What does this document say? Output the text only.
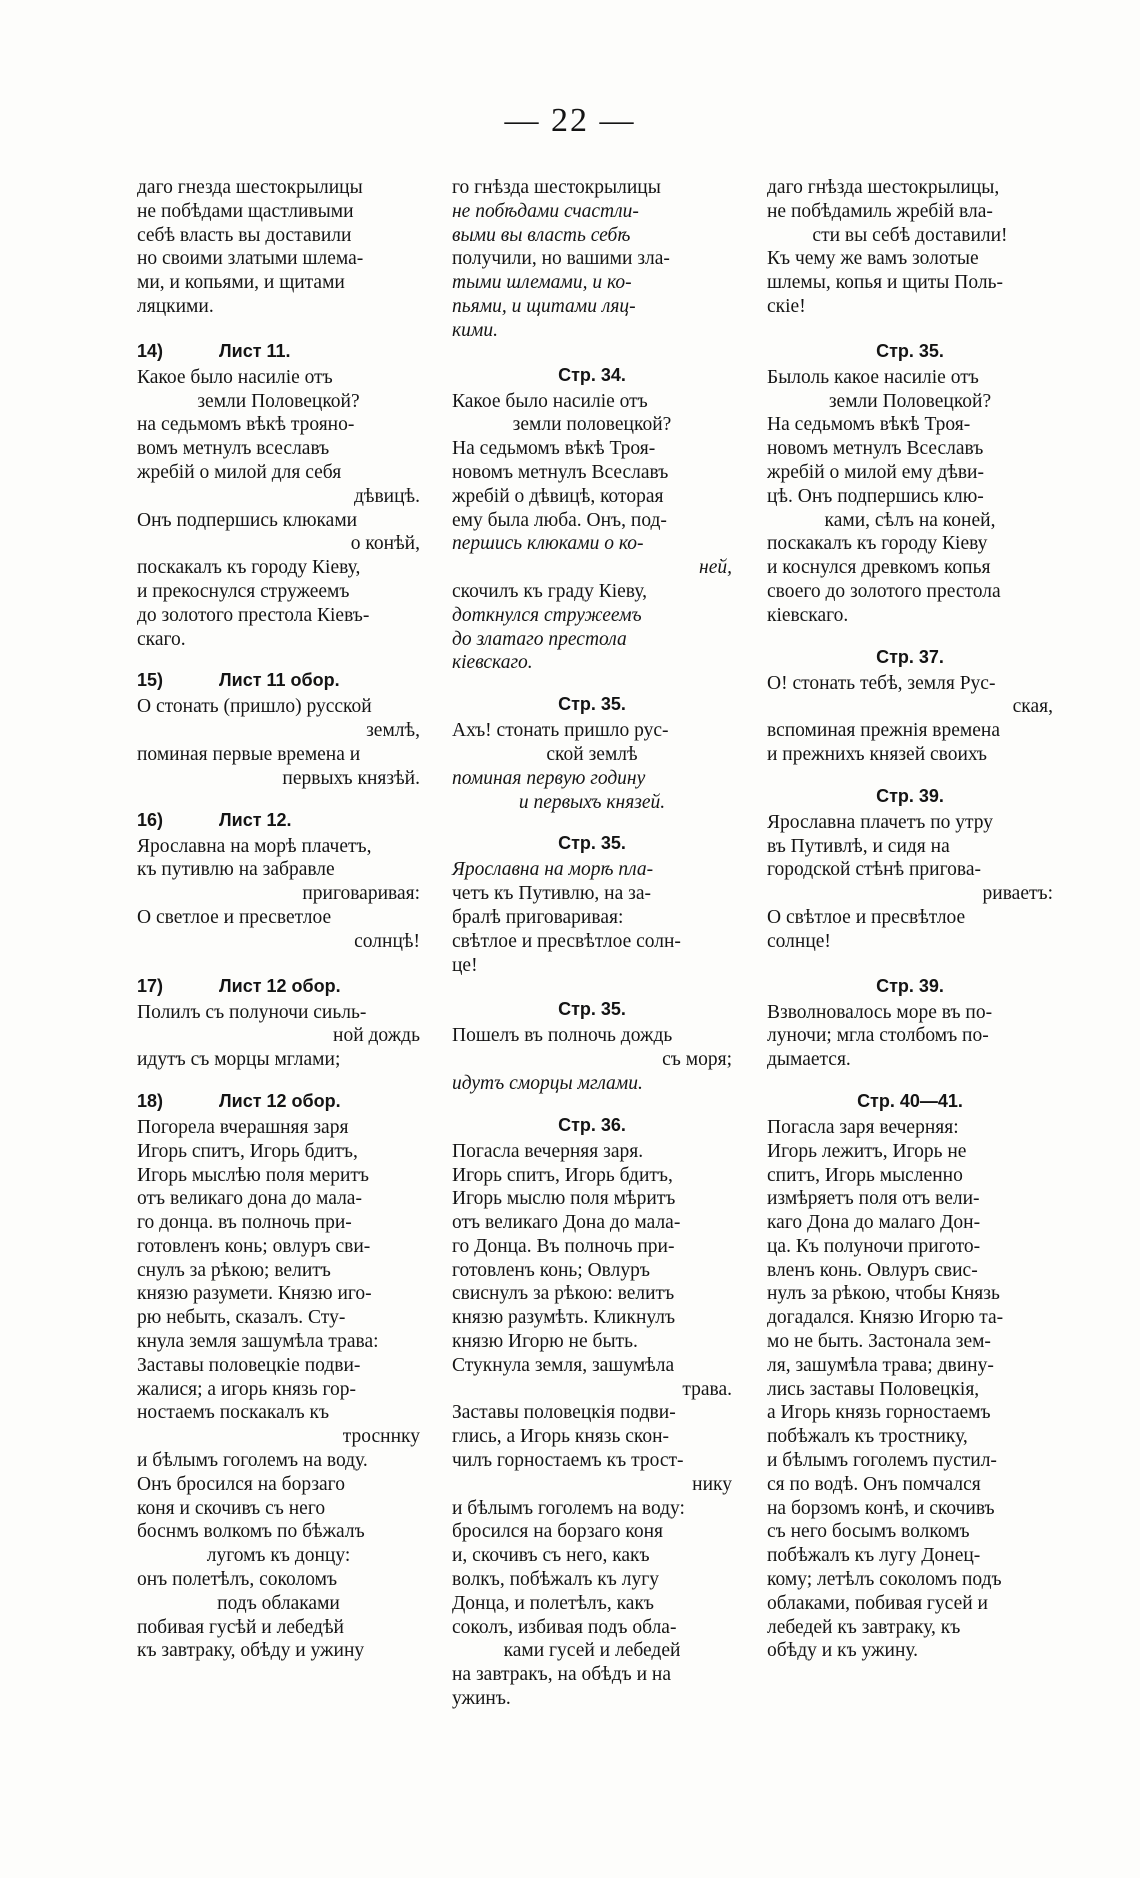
— 22 —
даго гнезда шестокрылицы
не побѣдами щастливыми
себѣ власть вы доставили
но своими златыми шлема-
ми, и копьями, и щитами
ляцкими.
14)	Лист 11.
Какое было насиліе отъ
земли Половецкой?
на седьмомъ вѣкѣ трояно-
вомъ метнулъ всеславъ
жребій о милой для себя
дѣвицѣ.
Онъ подпершись клюками
о конѣй,
поскакалъ къ городу Кіеву,
и прекоснулся стружеемъ
до золотого престола Кіевъ-
скаго.
15)	Лист 11 обор.
О стонать (пришло) русской
землѣ,
поминая первые времена и
первыхъ князѣй.
16)	Лист 12.
Ярославна на морѣ плачетъ,
къ путивлю на забравле
приговаривая:
О светлое и пресветлое
солнцѣ!
17)	Лист 12 обор.
Полилъ съ полуночи сиьль-
ной дождь
идутъ съ морцы мглами;
18)	Лист 12 обор.
Погорела вчерашняя заря
Игорь спитъ, Игорь бдитъ,
Игорь мыслѣю поля меритъ
отъ великаго дона до мала-
го донца. въ полночь при-
готовленъ конь; овлуръ сви-
снулъ за рѣкою; велитъ
князю разумети. Князю иго-
рю небыть, сказалъ. Сту-
кнула земля зашумѣла трава:
Заставы половецкіе подви-
жалися; а игорь князь гор-
ностаемъ поскакалъ къ
тросннку
и бѣлымъ гоголемъ на воду.
Онъ бросился на борзаго
коня и скочивъ съ него
боснмъ волкомъ по бѣжалъ
лугомъ къ донцу:
онъ полетѣлъ, соколомъ
подъ облаками
побивая гусѣй и лебедѣй
къ завтраку, обѣду и ужину
го гнѣзда шестокрылицы
не побѣдами счастли-
выми вы власть себѣ
получили, но вашими зла-
тыми шлемами, и ко-
пьями, и щитами ляц-
кими.
Стр. 34.
Какое было насиліе отъ
земли половецкой?
На седьмомъ вѣкѣ Троя-
новомъ метнулъ Всеславъ
жребій о дѣвицѣ, которая
ему была люба. Онъ, под-
першись клюками о ко-
ней,
скочилъ къ граду Кіеву,
доткнулся стружеемъ
до златаго престола
кіевскаго.
Стр. 35.
Ахъ! стонать пришло рус-
ской землѣ
поминая первую годину
и первыхъ князей.
Стр. 35.
Ярославна на морѣ пла-
четъ къ Путивлю, на за-
бралѣ приговаривая:
свѣтлое и пресвѣтлое солн-
це!
Стр. 35.
Пошелъ въ полночь дождь
съ моря;
идутъ сморцы мглами.
Стр. 36.
Погасла вечерняя заря.
Игорь спитъ, Игорь бдитъ,
Игорь мыслю поля мѣритъ
отъ великаго Дона до мала-
го Донца. Въ полночь при-
готовленъ конь; Овлуръ
свиснулъ за рѣкою: велитъ
князю разумѣть. Кликнулъ
князю Игорю не быть.
Стукнула земля, зашумѣла
трава.
Заставы половецкія подви-
глись, а Игорь князь скон-
чилъ горностаемъ къ трост-
нику
и бѣлымъ гоголемъ на воду:
бросился на борзаго коня
и, скочивъ съ него, какъ
волкъ, побѣжалъ къ лугу
Донца, и полетѣлъ, какъ
соколъ, избивая подъ обла-
ками гусей и лебедей
на завтракъ, на обѣдъ и на
ужинъ.
даго гнѣзда шестокрылицы,
не побѣдамиль жребій вла-
сти вы себѣ доставили!
Къ чему же вамъ золотые
шлемы, копья и щиты Поль-
скіе!
Стр. 35.
Былоль какое насиліе отъ
земли Половецкой?
На седьмомъ вѣкѣ Троя-
новомъ метнулъ Всеславъ
жребій о милой ему дѣви-
цѣ. Онъ подпершись клю-
ками, сѣлъ на коней,
поскакалъ къ городу Кіеву
и коснулся древкомъ копья
своего до золотого престола
кіевскаго.
Стр. 37.
О! стонать тебѣ, земля Рус-
ская,
вспоминая прежнія времена
и прежнихъ князей своихъ
Стр. 39.
Ярославна плачетъ по утру
въ Путивлѣ, и сидя на
городской стѣнѣ пригова-
риваетъ:
О свѣтлое и пресвѣтлое
солнце!
Стр. 39.
Взволновалось море въ по-
луночи; мгла столбомъ по-
дымается.
Стр. 40—41.
Погасла заря вечерняя:
Игорь лежитъ, Игорь не
спитъ, Игорь мысленно
измѣряетъ поля отъ вели-
каго Дона до малаго Дон-
ца. Къ полуночи пригото-
вленъ конь. Овлуръ свис-
нулъ за рѣкою, чтобы Князь
догадался. Князю Игорю та-
мо не быть. Застонала зем-
ля, зашумѣла трава; двину-
лись заставы Половецкія,
а Игорь князь горностаемъ
побѣжалъ къ тростнику,
и бѣлымъ гоголемъ пустил-
ся по водѣ. Онъ помчался
на борзомъ конѣ, и скочивъ
съ него босымъ волкомъ
побѣжалъ къ лугу Донец-
кому; летѣлъ соколомъ подъ
облаками, побивая гусей и
лебедей къ завтраку, къ
обѣду и къ ужину.
